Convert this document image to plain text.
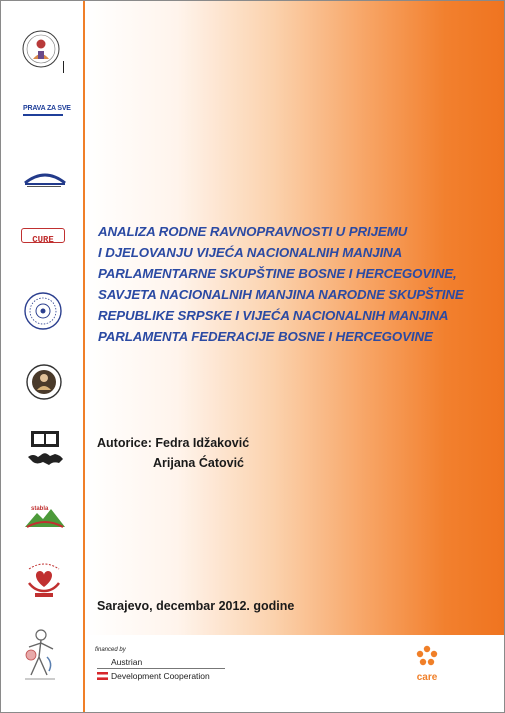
PRAVA ZA SVE
CURE
stabla
ANALIZA RODNE RAVNOPRAVNOSTI U PRIJEMU
I DJELOVANJU VIJEĆA NACIONALNIH MANJINA
PARLAMENTARNE SKUPŠTINE BOSNE I HERCEGOVINE,
SAVJETA NACIONALNIH MANJINA NARODNE SKUPŠTINE
REPUBLIKE SRPSKE I VIJEĆA NACIONALNIH MANJINA
PARLAMENTA FEDERACIJE BOSNE I HERCEGOVINE
Autorice: Fedra Idžaković
Arijana Ćatović
Sarajevo, decembar 2012. godine
financed by
Austrian
Development Cooperation	care
